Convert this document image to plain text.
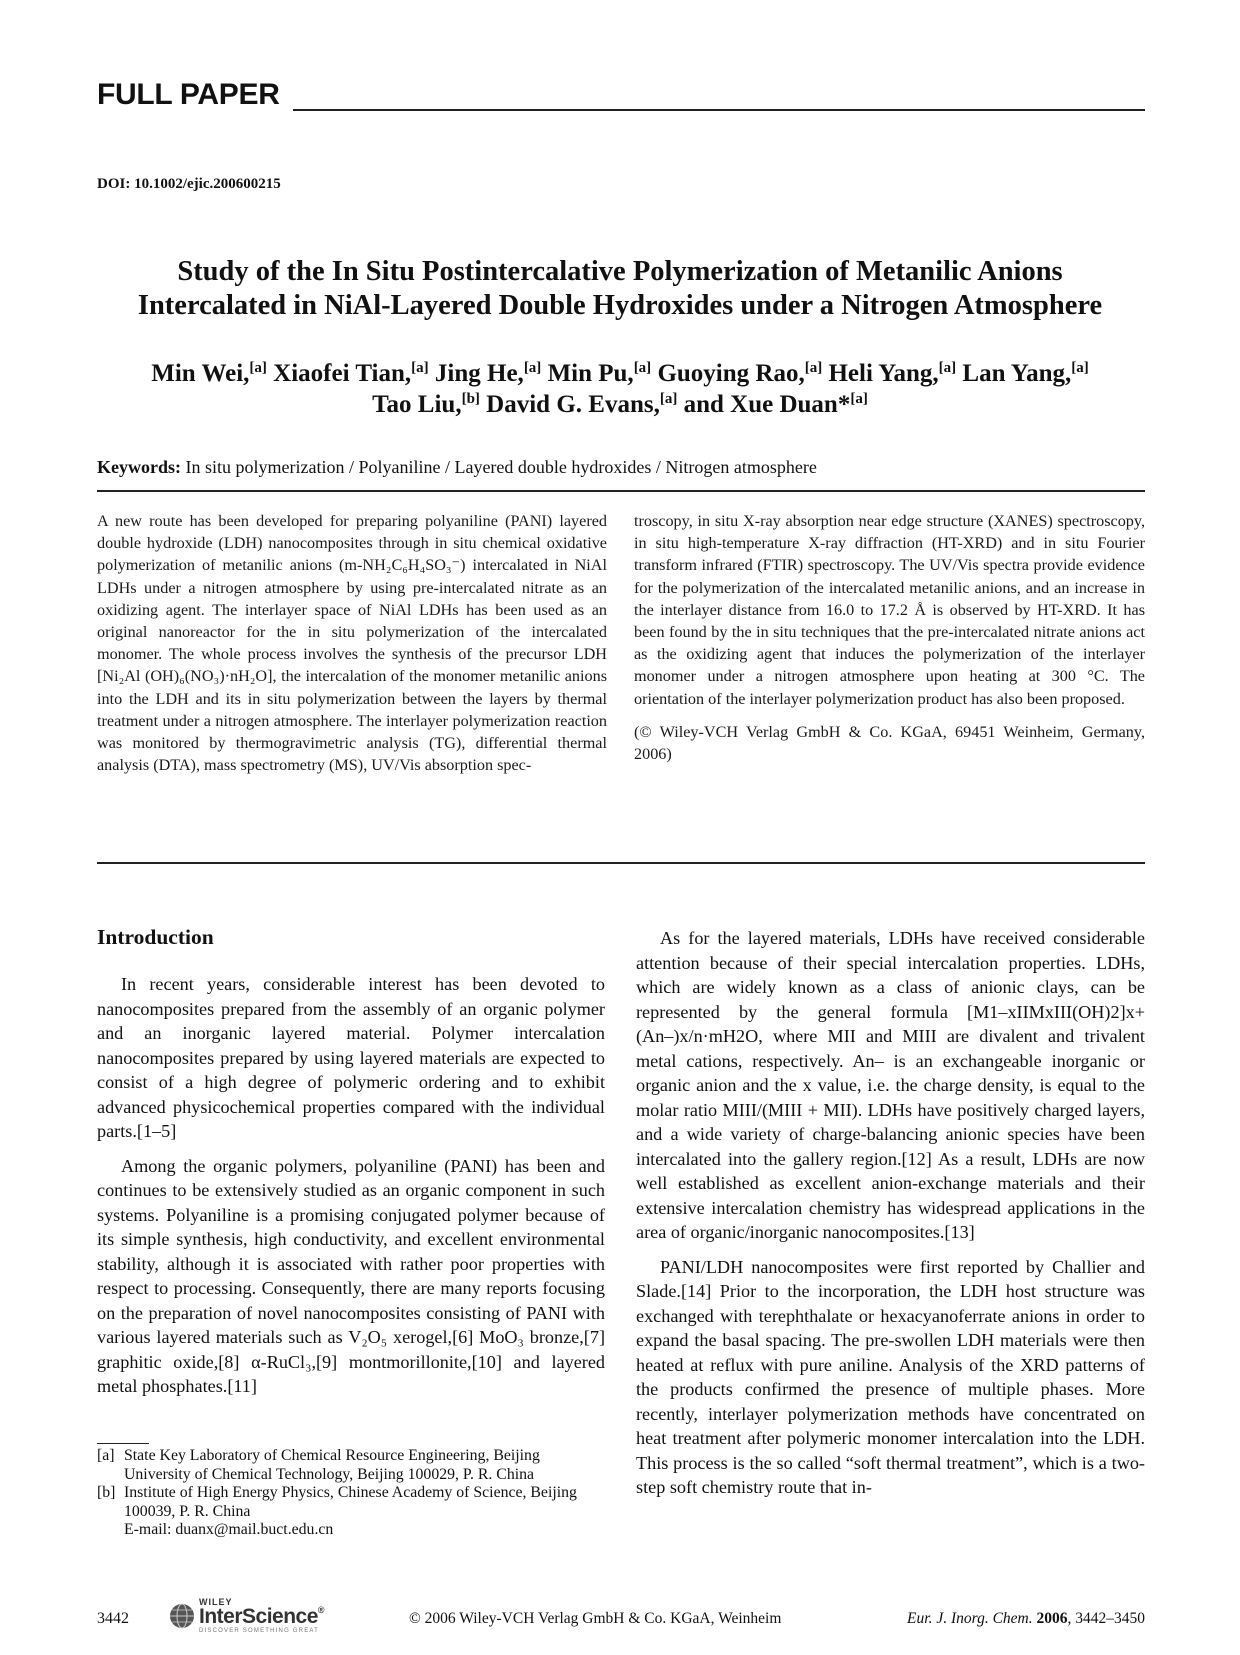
FULL PAPER
DOI: 10.1002/ejic.200600215
Study of the In Situ Postintercalative Polymerization of Metanilic Anions
Intercalated in NiAl-Layered Double Hydroxides under a Nitrogen Atmosphere
Min Wei,[a] Xiaofei Tian,[a] Jing He,[a] Min Pu,[a] Guoying Rao,[a] Heli Yang,[a] Lan Yang,[a]
Tao Liu,[b] David G. Evans,[a] and Xue Duan*[a]
Keywords: In situ polymerization / Polyaniline / Layered double hydroxides / Nitrogen atmosphere

A new route has been developed for preparing polyaniline (PANI) layered double hydroxide (LDH) nanocomposites through in situ chemical oxidative polymerization of metanilic anions (m-NH₂C₆H₄SO₃⁻) intercalated in NiAl LDHs under a nitrogen atmosphere by using pre-intercalated nitrate as an oxidizing agent. The interlayer space of NiAl LDHs has been used as an original nanoreactor for the in situ polymerization of the intercalated monomer. The whole process involves the synthesis of the precursor LDH [Ni₂Al (OH)₆(NO₃)·nH₂O], the intercalation of the monomer metanilic anions into the LDH and its in situ polymerization between the layers by thermal treatment under a nitrogen atmosphere. The interlayer polymerization reaction was monitored by thermogravimetric analysis (TG), differential thermal analysis (DTA), mass spectrometry (MS), UV/Vis absorption spec-

troscopy, in situ X-ray absorption near edge structure (XANES) spectroscopy, in situ high-temperature X-ray diffraction (HT-XRD) and in situ Fourier transform infrared (FTIR) spectroscopy. The UV/Vis spectra provide evidence for the polymerization of the intercalated metanilic anions, and an increase in the interlayer distance from 16.0 to 17.2 Å is observed by HT-XRD. It has been found by the in situ techniques that the pre-intercalated nitrate anions act as the oxidizing agent that induces the polymerization of the interlayer monomer under a nitrogen atmosphere upon heating at 300 °C. The orientation of the interlayer polymerization product has also been proposed.

(© Wiley-VCH Verlag GmbH & Co. KGaA, 69451 Weinheim, Germany, 2006)

Introduction

In recent years, considerable interest has been devoted to nanocomposites prepared from the assembly of an organic polymer and an inorganic layered material. Polymer intercalation nanocomposites prepared by using layered materials are expected to consist of a high degree of polymeric ordering and to exhibit advanced physicochemical properties compared with the individual parts.[1–5]

Among the organic polymers, polyaniline (PANI) has been and continues to be extensively studied as an organic component in such systems. Polyaniline is a promising conjugated polymer because of its simple synthesis, high conductivity, and excellent environmental stability, although it is associated with rather poor properties with respect to processing. Consequently, there are many reports focusing on the preparation of novel nanocomposites consisting of PANI with various layered materials such as V₂O₅ xerogel,[6] MoO₃ bronze,[7] graphitic oxide,[8] α-RuCl₃,[9] montmorillonite,[10] and layered metal phosphates.[11]

As for the layered materials, LDHs have received considerable attention because of their special intercalation properties. LDHs, which are widely known as a class of anionic clays, can be represented by the general formula [M1–xIIMxIII(OH)2]x+(An–)x/n·mH2O, where MII and MIII are divalent and trivalent metal cations, respectively. An– is an exchangeable inorganic or organic anion and the x value, i.e. the charge density, is equal to the molar ratio MIII/(MIII + MII). LDHs have positively charged layers, and a wide variety of charge-balancing anionic species have been intercalated into the gallery region.[12] As a result, LDHs are now well established as excellent anion-exchange materials and their extensive intercalation chemistry has widespread applications in the area of organic/inorganic nanocomposites.[13]

PANI/LDH nanocomposites were first reported by Challier and Slade.[14] Prior to the incorporation, the LDH host structure was exchanged with terephthalate or hexacyanoferrate anions in order to expand the basal spacing. The pre-swollen LDH materials were then heated at reflux with pure aniline. Analysis of the XRD patterns of the products confirmed the presence of multiple phases. More recently, interlayer polymerization methods have concentrated on heat treatment after polymeric monomer intercalation into the LDH. This process is the so called “soft thermal treatment”, which is a two-step soft chemistry route that in-

[a] State Key Laboratory of Chemical Resource Engineering, Beijing University of Chemical Technology, Beijing 100029, P. R. China
[b] Institute of High Energy Physics, Chinese Academy of Science, Beijing 100039, P. R. China
E-mail: duanx@mail.buct.edu.cn
3442
WILEY
InterScience®
DISCOVER SOMETHING GREAT
© 2006 Wiley-VCH Verlag GmbH & Co. KGaA, Weinheim	Eur. J. Inorg. Chem. 2006, 3442–3450
